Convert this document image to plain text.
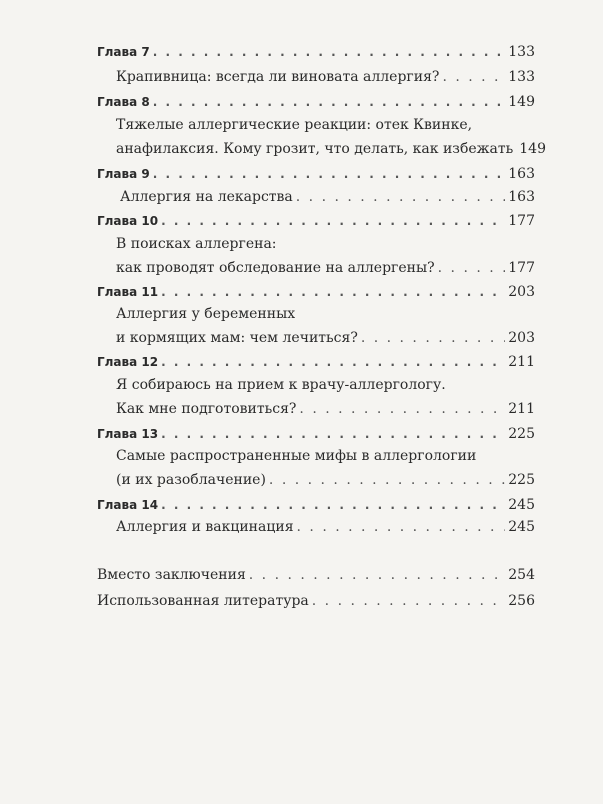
Глава 7 . . .	133
Крапивница: всегда ли виновата аллергия? . . .	133
Глава 8 . . .	149
Тяжелые аллергические реакции: отек Квинке,
анафилаксия. Кому грозит, что делать, как избежать 149
Глава 9 . . .	163
Аллергия на лекарства . . .	163
Глава 10 . . .	177
В поисках аллергена:
как проводят обследование на аллергены? . . .	177
Глава 11 . . .	203
Аллергия у беременных
и кормящих мам: чем лечиться? . . .	203
Глава 12 . . .	211
Я собираюсь на прием к врачу-аллергологу.
Как мне подготовиться? . . .	211
Глава 13 . . .	225
Самые распространенные мифы в аллергологии
(и их разоблачение) . . .	225
Глава 14 . . .	245
Аллергия и вакцинация . . .	245
Вместо заключения . . .	254
Использованная литература . . .	256
